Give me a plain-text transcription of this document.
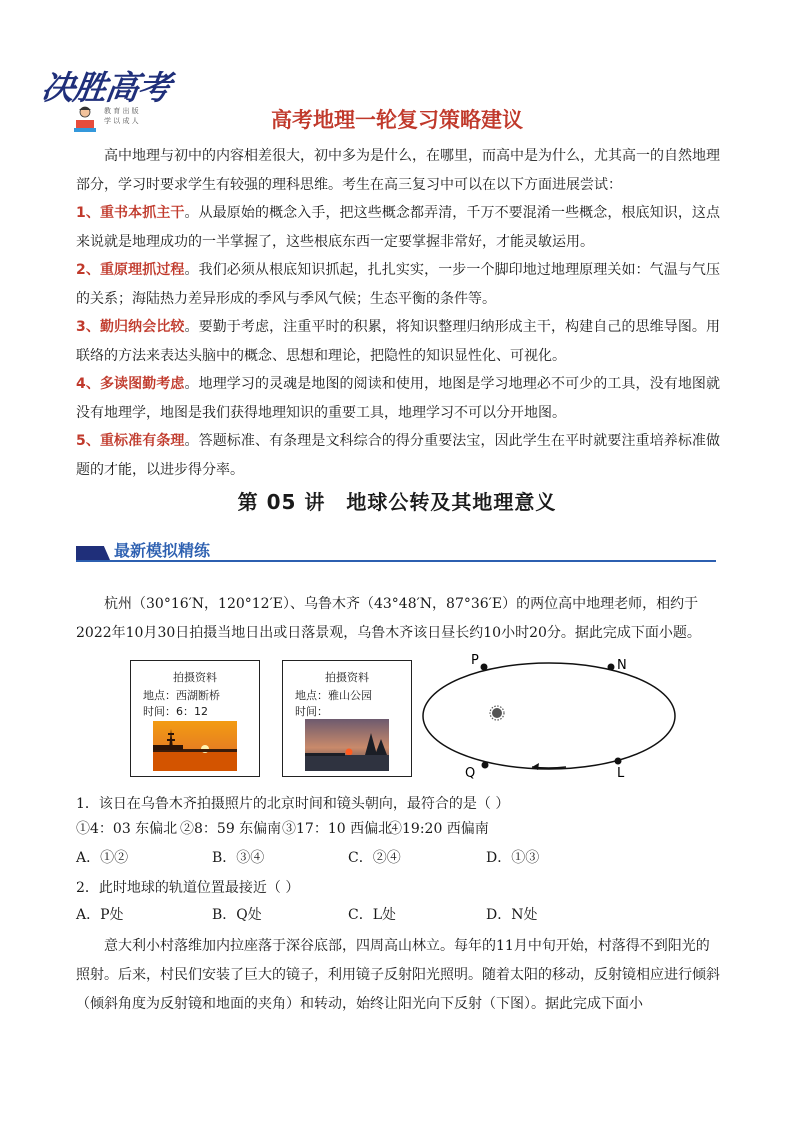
决胜高考
教 育 出 版
学 以 成 人	高考地理一轮复习策略建议
高中地理与初中的内容相差很大，初中多为是什么，在哪里，而高中是为什么，尤其高一的自然地理部分，学习时要求学生有较强的理科思维。考生在高三复习中可以在以下方面进展尝试：
1、重书本抓主干。从最原始的概念入手，把这些概念都弄清，千万不要混淆一些概念，根底知识，这点来说就是地理成功的一半掌握了，这些根底东西一定要掌握非常好，才能灵敏运用。
2、重原理抓过程。我们必须从根底知识抓起，扎扎实实，一步一个脚印地过地理原理关如：气温与气压的关系；海陆热力差异形成的季风与季风气候；生态平衡的条件等。
3、勤归纳会比较。要勤于考虑，注重平时的积累，将知识整理归纳形成主干，构建自己的思维导图。用联络的方法来表达头脑中的概念、思想和理论，把隐性的知识显性化、可视化。
4、多读图勤考虑。地理学习的灵魂是地图的阅读和使用，地图是学习地理必不可少的工具，没有地图就没有地理学，地图是我们获得地理知识的重要工具，地理学习不可以分开地图。
5、重标准有条理。答题标准、有条理是文科综合的得分重要法宝，因此学生在平时就要注重培养标准做题的才能，以进步得分率。
第 05 讲　地球公转及其地理意义
最新模拟精练
杭州（30°16′N，120°12′E）、乌鲁木齐（43°48′N，87°36′E）的两位高中地理老师，相约于2022年10月30日拍摄当地日出或日落景观，乌鲁木齐该日昼长约10小时20分。据此完成下面小题。
拍摄资料
地点：西湖断桥
时间：6：12
拍摄资料
地点：雅山公园
时间：
P	N
Q	L
1．该日在乌鲁木齐拍摄照片的北京时间和镜头朝向，最符合的是（ ）
①4：03 东偏北 ②8：59 东偏南 ③17：10 西偏北
④19:20 西偏南
A．①②	B．③④	C．②④	D．①③
2．此时地球的轨道位置最接近（ ）
A．P处	B．Q处	C．L处	D．N处
意大利小村落维加内拉座落于深谷底部，四周高山林立。每年的11月中旬开始，村落得不到阳光的照射。后来，村民们安装了巨大的镜子，利用镜子反射阳光照明。随着太阳的移动，反射镜相应进行倾斜（倾斜角度为反射镜和地面的夹角）和转动，始终让阳光向下反射（下图）。据此完成下面小
